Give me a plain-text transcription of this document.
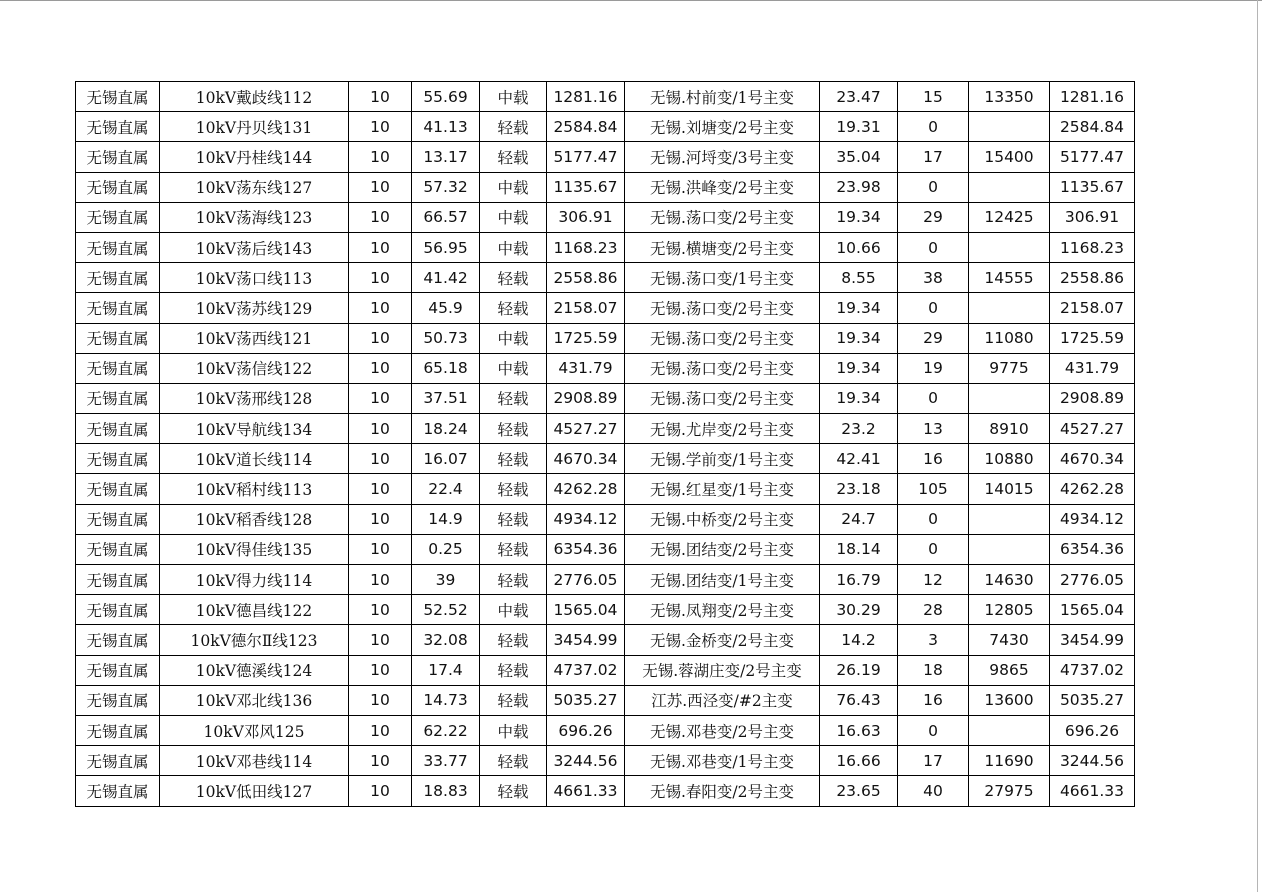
无锡直属	10kV戴歧线112	10	55.69	中载	1281.16	无锡.村前变/1号主变	23.47	15	13350	1281.16
无锡直属	10kV丹贝线131	10	41.13	轻载	2584.84	无锡.刘塘变/2号主变	19.31	0		2584.84
无锡直属	10kV丹桂线144	10	13.17	轻载	5177.47	无锡.河埒变/3号主变	35.04	17	15400	5177.47
无锡直属	10kV荡东线127	10	57.32	中载	1135.67	无锡.洪峰变/2号主变	23.98	0		1135.67
无锡直属	10kV荡海线123	10	66.57	中载	306.91	无锡.荡口变/2号主变	19.34	29	12425	306.91
无锡直属	10kV荡后线143	10	56.95	中载	1168.23	无锡.横塘变/2号主变	10.66	0		1168.23
无锡直属	10kV荡口线113	10	41.42	轻载	2558.86	无锡.荡口变/1号主变	8.55	38	14555	2558.86
无锡直属	10kV荡苏线129	10	45.9	轻载	2158.07	无锡.荡口变/2号主变	19.34	0		2158.07
无锡直属	10kV荡西线121	10	50.73	中载	1725.59	无锡.荡口变/2号主变	19.34	29	11080	1725.59
无锡直属	10kV荡信线122	10	65.18	中载	431.79	无锡.荡口变/2号主变	19.34	19	9775	431.79
无锡直属	10kV荡邢线128	10	37.51	轻载	2908.89	无锡.荡口变/2号主变	19.34	0		2908.89
无锡直属	10kV导航线134	10	18.24	轻载	4527.27	无锡.尤岸变/2号主变	23.2	13	8910	4527.27
无锡直属	10kV道长线114	10	16.07	轻载	4670.34	无锡.学前变/1号主变	42.41	16	10880	4670.34
无锡直属	10kV稻村线113	10	22.4	轻载	4262.28	无锡.红星变/1号主变	23.18	105	14015	4262.28
无锡直属	10kV稻香线128	10	14.9	轻载	4934.12	无锡.中桥变/2号主变	24.7	0		4934.12
无锡直属	10kV得佳线135	10	0.25	轻载	6354.36	无锡.团结变/2号主变	18.14	0		6354.36
无锡直属	10kV得力线114	10	39	轻载	2776.05	无锡.团结变/1号主变	16.79	12	14630	2776.05
无锡直属	10kV德昌线122	10	52.52	中载	1565.04	无锡.凤翔变/2号主变	30.29	28	12805	1565.04
无锡直属	10kV德尔Ⅱ线123	10	32.08	轻载	3454.99	无锡.金桥变/2号主变	14.2	3	7430	3454.99
无锡直属	10kV德溪线124	10	17.4	轻载	4737.02	无锡.蓉湖庄变/2号主变	26.19	18	9865	4737.02
无锡直属	10kV邓北线136	10	14.73	轻载	5035.27	江苏.西泾变/#2主变	76.43	16	13600	5035.27
无锡直属	10kV邓风125	10	62.22	中载	696.26	无锡.邓巷变/2号主变	16.63	0		696.26
无锡直属	10kV邓巷线114	10	33.77	轻载	3244.56	无锡.邓巷变/1号主变	16.66	17	11690	3244.56
无锡直属	10kV低田线127	10	18.83	轻载	4661.33	无锡.春阳变/2号主变	23.65	40	27975	4661.33
